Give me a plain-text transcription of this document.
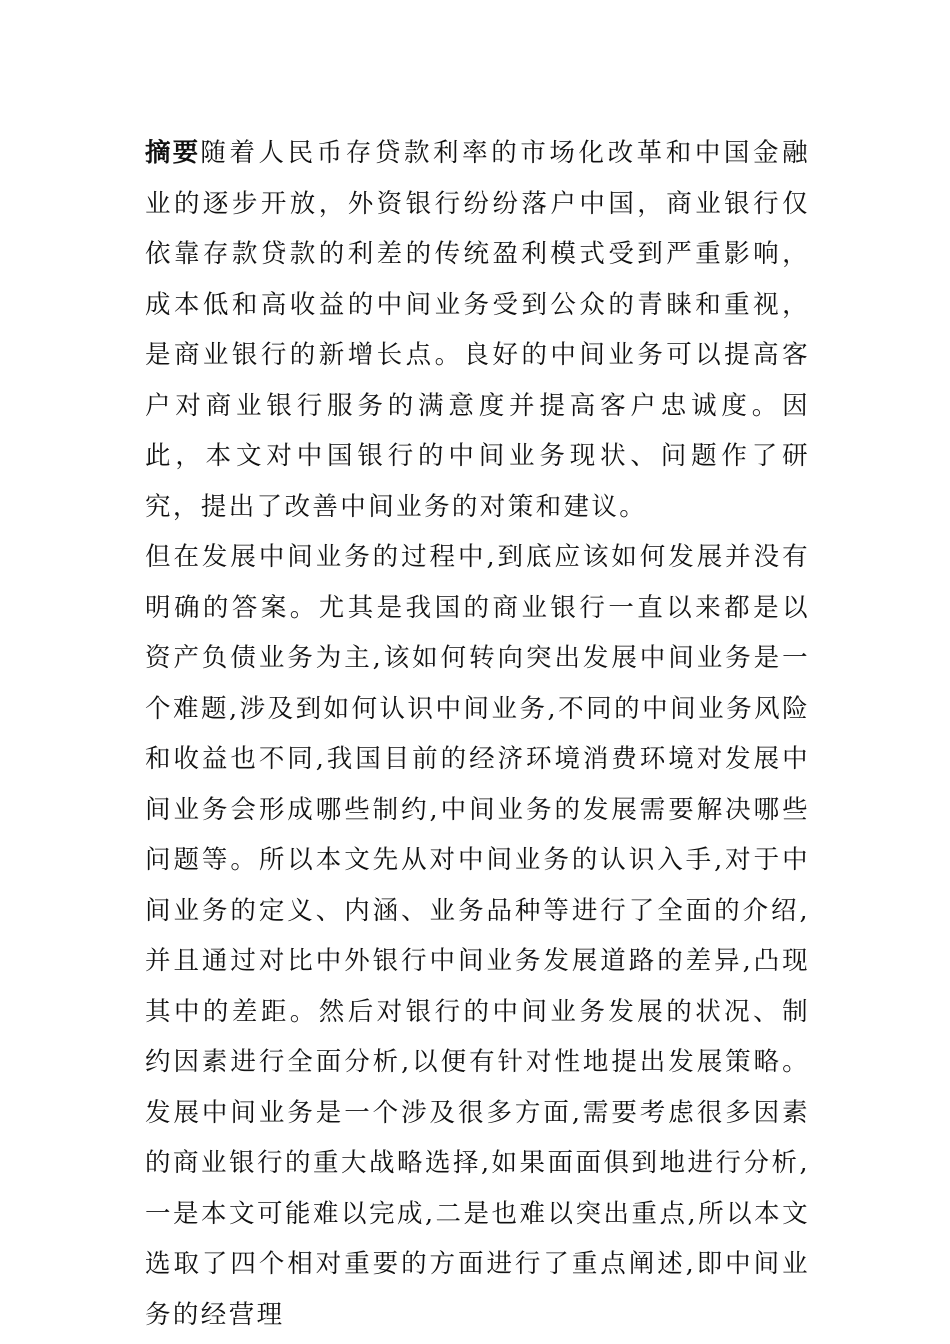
摘要随着人民币存贷款利率的市场化改革和中国金融业的逐步开放，外资银行纷纷落户中国，商业银行仅依靠存款贷款的利差的传统盈利模式受到严重影响，成本低和高收益的中间业务受到公众的青睐和重视，是商业银行的新增长点。良好的中间业务可以提高客户对商业银行服务的满意度并提高客户忠诚度。因此，本文对中国银行的中间业务现状、问题作了研究，提出了改善中间业务的对策和建议。

但在发展中间业务的过程中,到底应该如何发展并没有明确的答案。尤其是我国的商业银行一直以来都是以资产负债业务为主,该如何转向突出发展中间业务是一个难题,涉及到如何认识中间业务,不同的中间业务风险和收益也不同,我国目前的经济环境消费环境对发展中间业务会形成哪些制约,中间业务的发展需要解决哪些问题等。所以本文先从对中间业务的认识入手,对于中间业务的定义、内涵、业务品种等进行了全面的介绍,并且通过对比中外银行中间业务发展道路的差异,凸现其中的差距。然后对银行的中间业务发展的状况、制约因素进行全面分析,以便有针对性地提出发展策略。发展中间业务是一个涉及很多方面,需要考虑很多因素的商业银行的重大战略选择,如果面面俱到地进行分析,一是本文可能难以完成,二是也难以突出重点,所以本文选取了四个相对重要的方面进行了重点阐述,即中间业务的经营理
